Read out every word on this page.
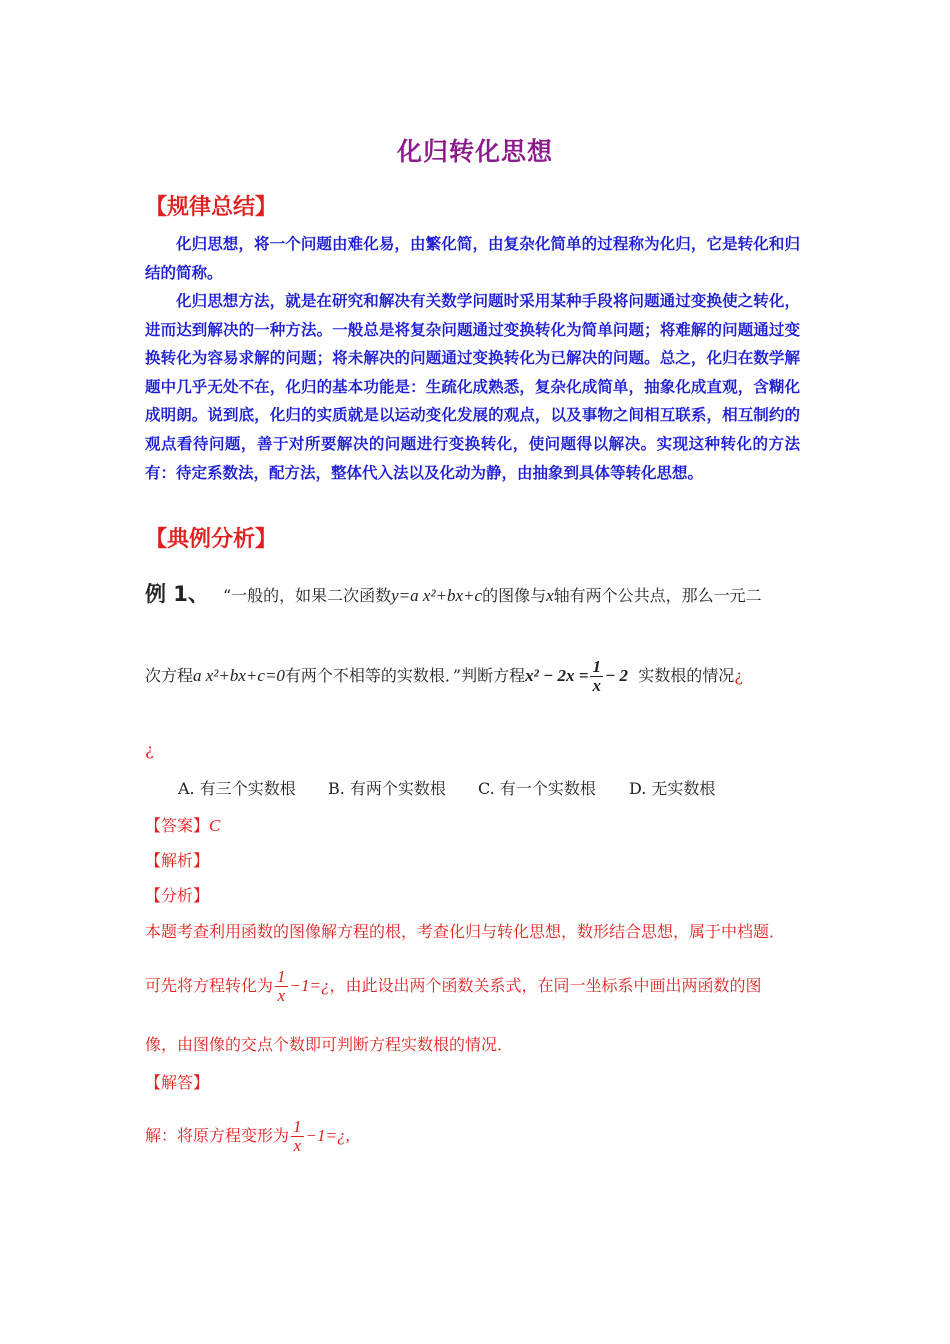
化归转化思想
【规律总结】
化归思想，将一个问题由难化易，由繁化简，由复杂化简单的过程称为化归，它是转化和归结的简称。
化归思想方法，就是在研究和解决有关数学问题时采用某种手段将问题通过变换使之转化，进而达到解决的一种方法。一般总是将复杂问题通过变换转化为简单问题；将难解的问题通过变换转化为容易求解的问题；将未解决的问题通过变换转化为已解决的问题。总之，化归在数学解题中几乎无处不在，化归的基本功能是：生疏化成熟悉，复杂化成简单，抽象化成直观，含糊化成明朗。说到底，化归的实质就是以运动变化发展的观点，以及事物之间相互联系，相互制约的观点看待问题，善于对所要解决的问题进行变换转化，使问题得以解决。实现这种转化的方法有：待定系数法，配方法，整体代入法以及化动为静，由抽象到具体等转化思想。
【典例分析】
例 1、 “一般的，如果二次函数y=a x²+bx+c的图像与x轴有两个公共点，那么一元二
次方程a x²+bx+c=0有两个不相等的实数根．”判断方程$x^2 - 2x = \frac{1}{x} - 2$ 实数根的情况¿
¿
A. 有三个实数根 B. 有两个实数根 C. 有一个实数根 D. 无实数根
【答案】C
【解析】
【分析】
本题考查利用函数的图像解方程的根，考查化归与转化思想，数形结合思想，属于中档题．
可先将方程转化为 $\frac{1}{x}$ −1=¿，由此设出两个函数关系式，在同一坐标系中画出两函数的图
像，由图像的交点个数即可判断方程实数根的情况．
【解答】
解：将原方程变形为 $\frac{1}{x}$ −1=¿,
